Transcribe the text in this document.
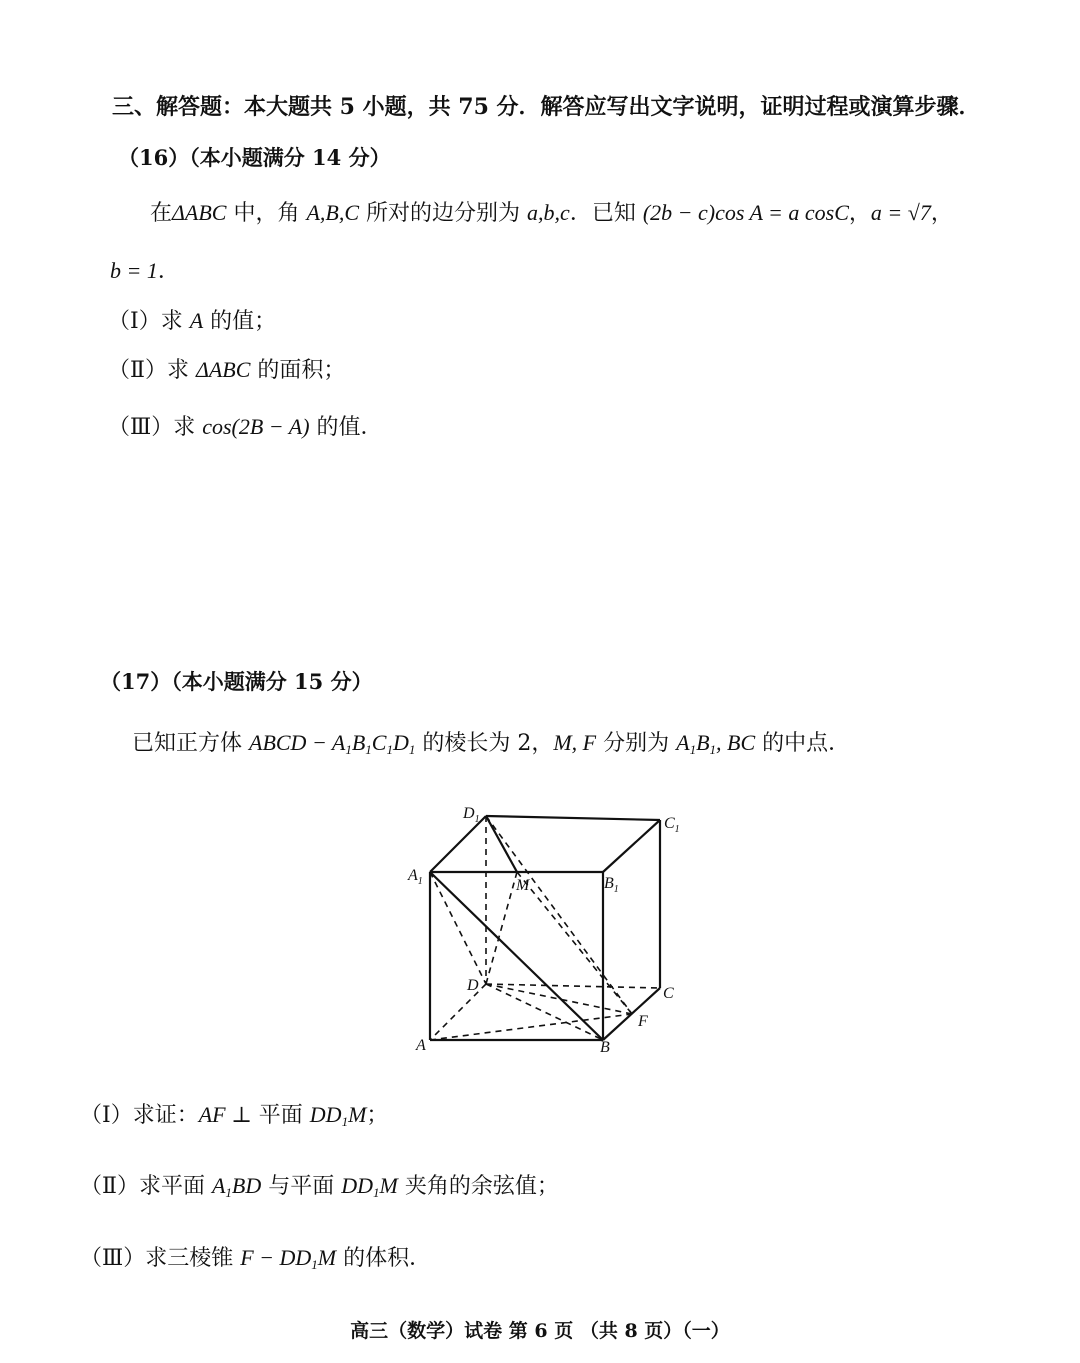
三、解答题：本大题共 5 小题，共 75 分．解答应写出文字说明，证明过程或演算步骤．
（16）（本小题满分 14 分）
在ΔABC 中，角 A,B,C 所对的边分别为 a,b,c．已知 (2b − c)cos A = a cosC，a = √7，
b = 1．
（Ⅰ）求 A 的值；
（Ⅱ）求 ΔABC 的面积；
（Ⅲ）求 cos(2B − A) 的值．
（17）（本小题满分 15 分）
已知正方体 ABCD − $A_1B_1C_1D_1$ 的棱长为 2，M, F 分别为 $A_1B_1$, BC 的中点．
$D_1$	$C_1$
$A_1$	$B_1$
M
D	C
F
A	B
（Ⅰ）求证：AF ⊥ 平面 $DD_1M$；
（Ⅱ）求平面 $A_1BD$ 与平面 $DD_1M$ 夹角的余弦值；
（Ⅲ）求三棱锥 $F - DD_1M$ 的体积．
高三（数学）试卷 第 6 页 （共 8 页）（一）
